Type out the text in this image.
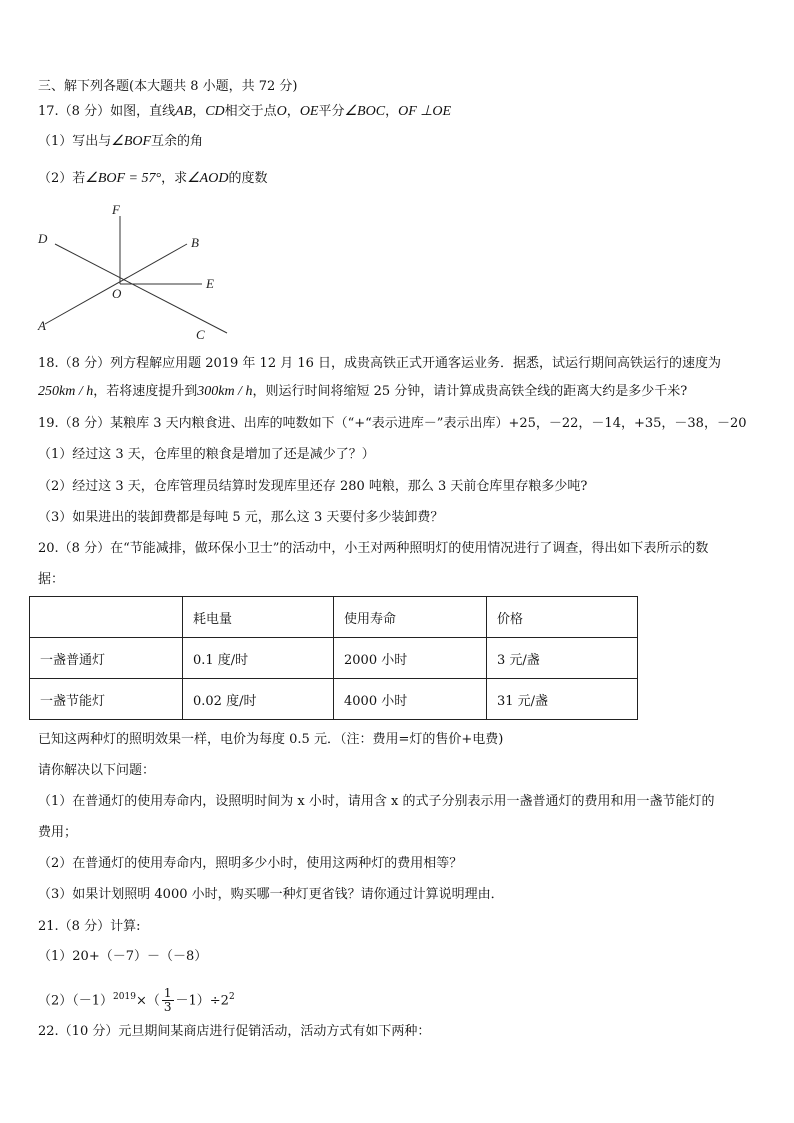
三、解下列各题(本大题共 8 小题，共 72 分)
17.（8 分）如图，直线AB，CD相交于点O，OE平分∠BOC，OF ⊥OE
（1）写出与∠BOF互余的角
（2）若∠BOF = 57°，求∠AOD的度数
F
D	B
O
E
A
C
18.（8 分）列方程解应用题 2019 年 12 月 16 日，成贵高铁正式开通客运业务．据悉，试运行期间高铁运行的速度为
250km / h，若将速度提升到300km / h，则运行时间将缩短 25 分钟，请计算成贵高铁全线的距离大约是多少千米?
19.（8 分）某粮库 3 天内粮食进、出库的吨数如下（“+“表示进库－”表示出库）+25，－22，－14，+35，－38，－20
（1）经过这 3 天，仓库里的粮食是增加了还是减少了？）
（2）经过这 3 天，仓库管理员结算时发现库里还存 280 吨粮，那么 3 天前仓库里存粮多少吨?
（3）如果进出的装卸费都是每吨 5 元，那么这 3 天要付多少装卸费？
20.（8 分）在“节能减排，做环保小卫士”的活动中，小王对两种照明灯的使用情况进行了调查，得出如下表所示的数
据：
	耗电量	使用寿命	价格
一盏普通灯	0.1 度/时	2000 小时	3 元/盏
一盏节能灯	0.02 度/时	4000 小时	31 元/盏
已知这两种灯的照明效果一样，电价为每度 0.5 元．（注：费用=灯的售价+电费)
请你解决以下问题：
（1）在普通灯的使用寿命内，设照明时间为 x 小时，请用含 x 的式子分别表示用一盏普通灯的费用和用一盏节能灯的
费用；
（2）在普通灯的使用寿命内，照明多少小时，使用这两种灯的费用相等？
（3）如果计划照明 4000 小时，购买哪一种灯更省钱？请你通过计算说明理由．
21.（8 分）计算:
（1）20+（－7）－（－8）
$(2)(-1)^{2019}\times( \frac{1}{3} -1)\div 2^2$
22.（10 分）元旦期间某商店进行促销活动，活动方式有如下两种：
